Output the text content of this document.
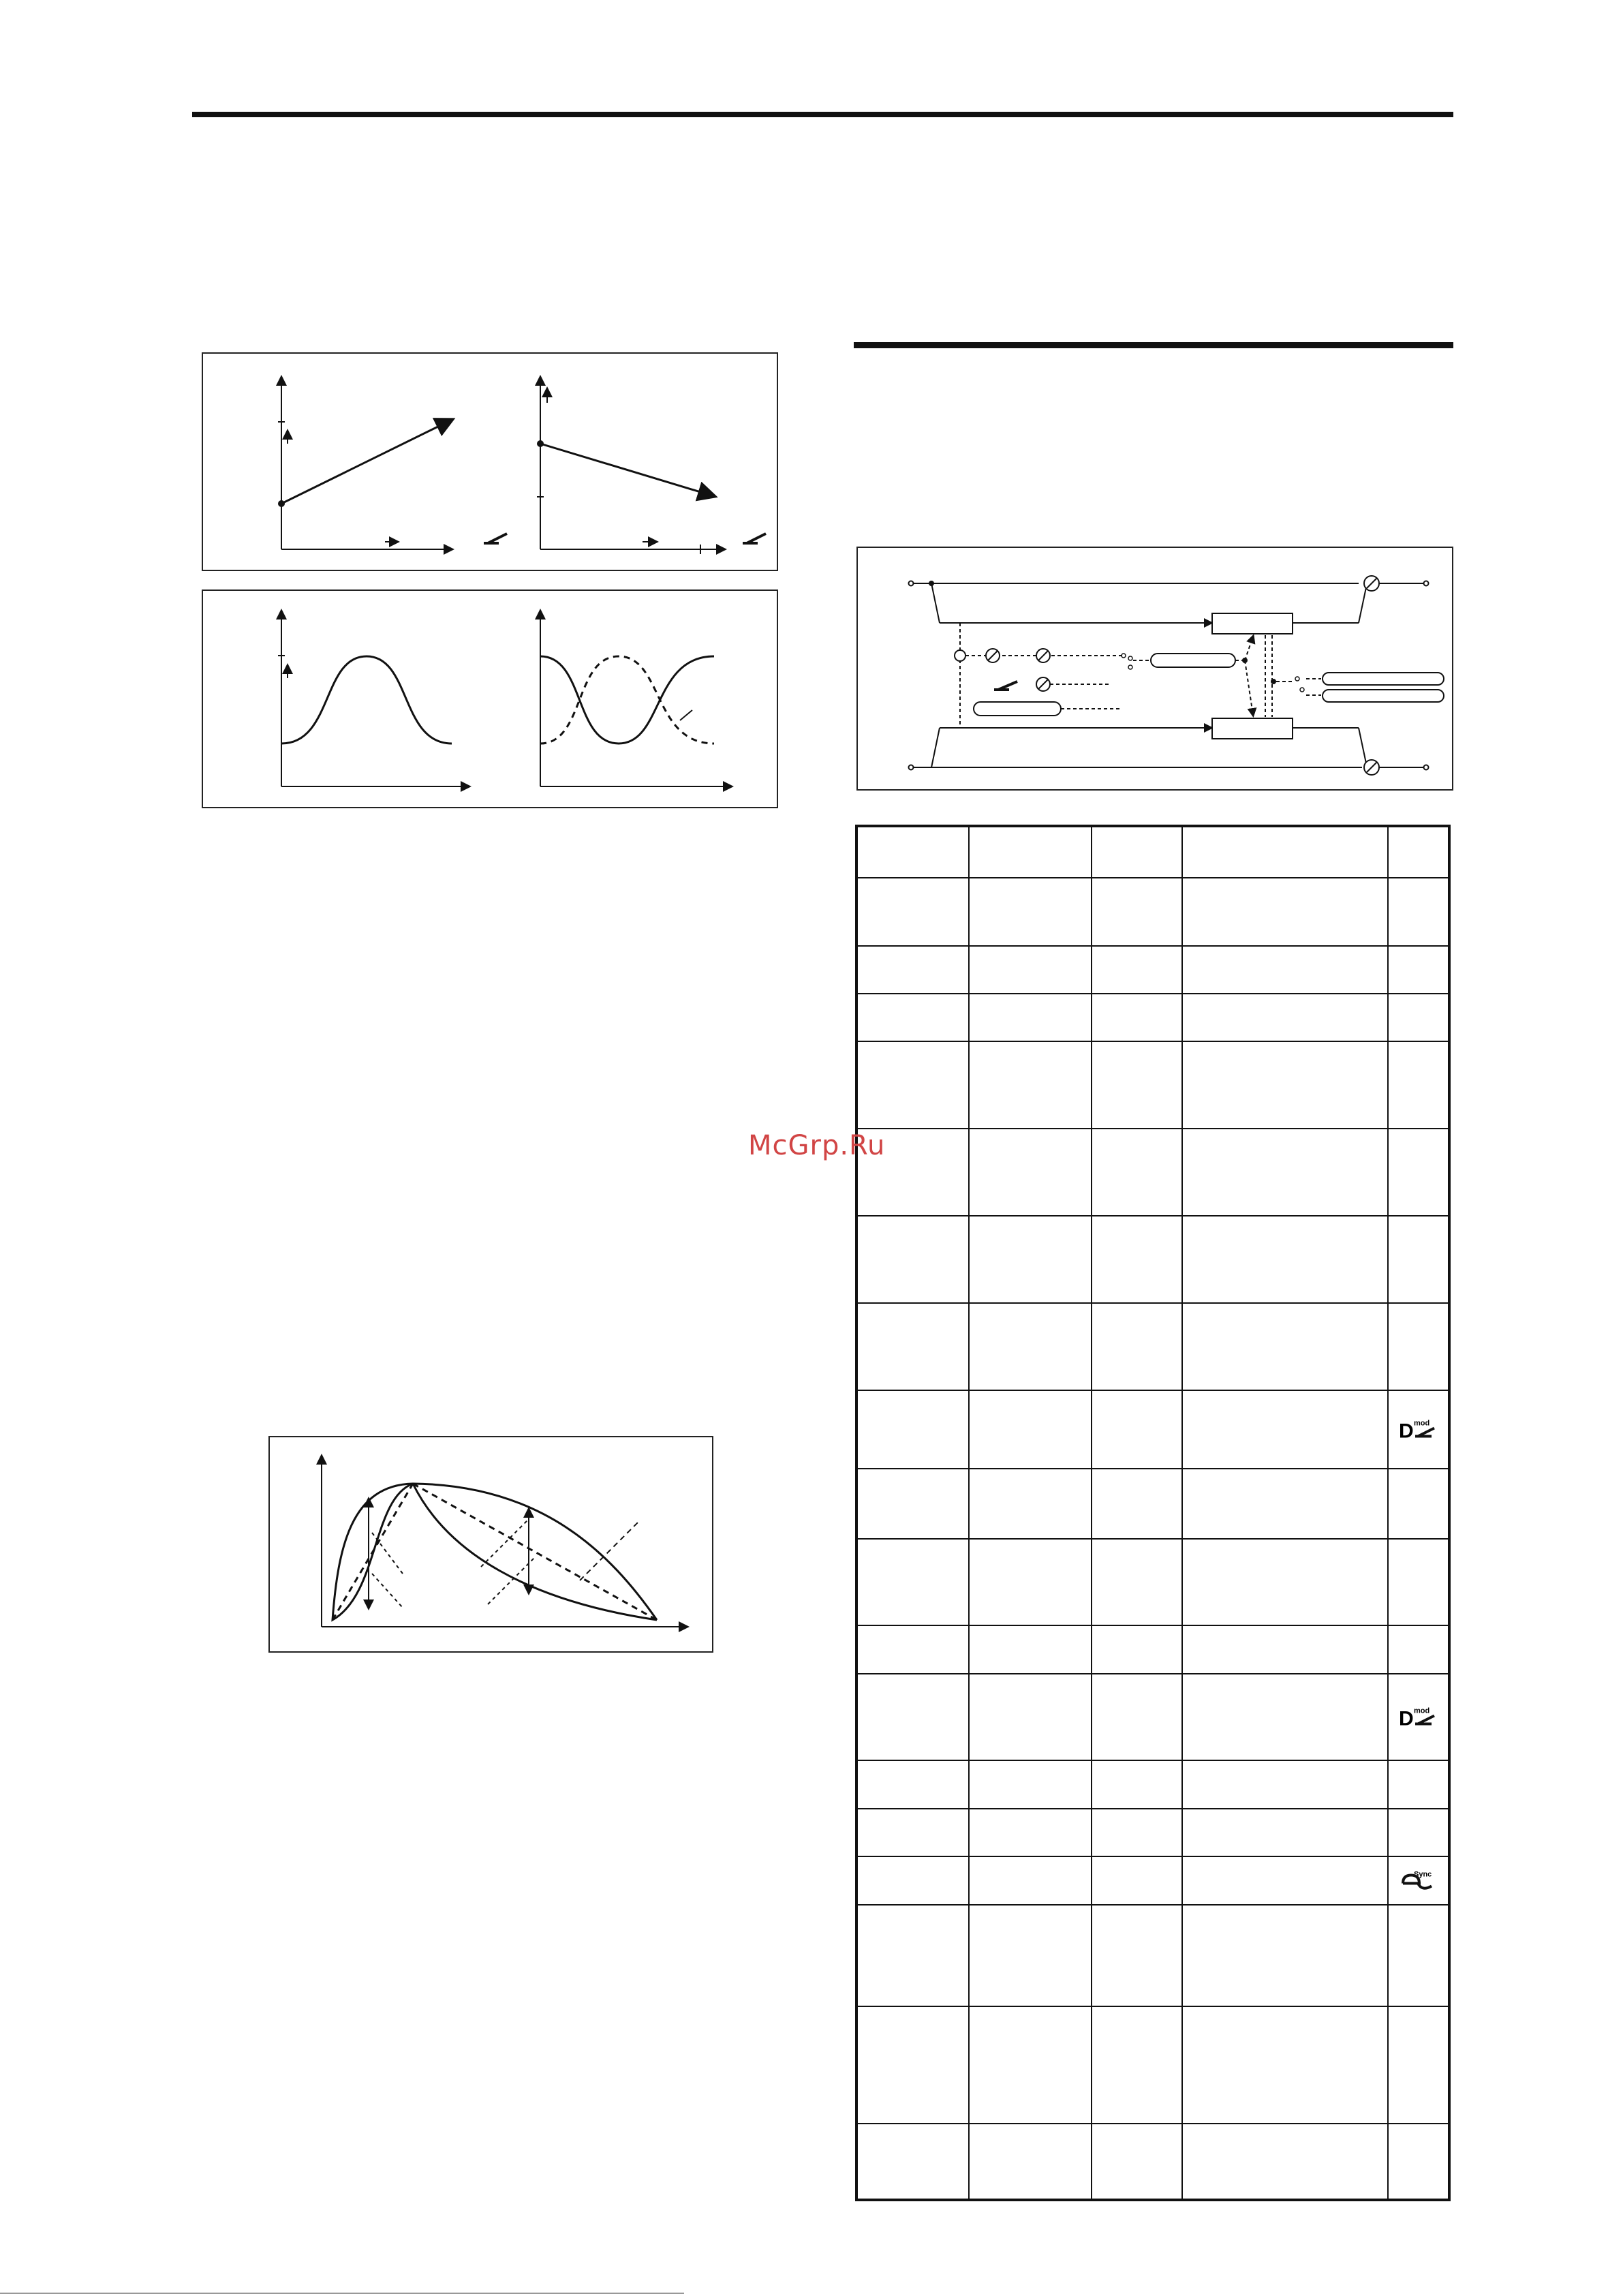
D mod
D mod
Sync
McGrp.Ru
